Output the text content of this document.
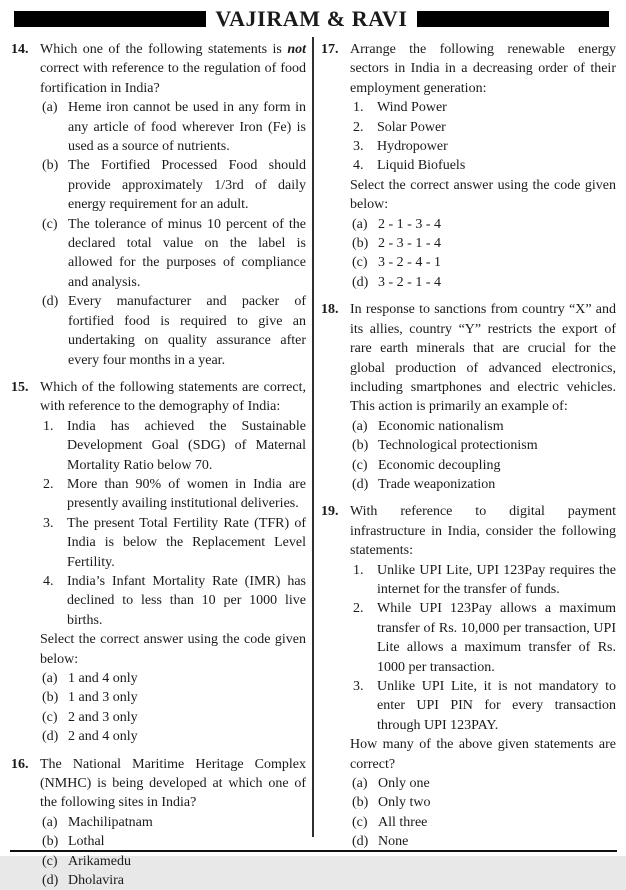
VAJIRAM & RAVI
14. Which one of the following statements is not correct with reference to the regulation of food fortification in India?

(a) Heme iron cannot be used in any form in any article of food wherever Iron (Fe) is used as a source of nutrients.
(b) The Fortified Processed Food should provide approximately 1/3rd of daily energy requirement for an adult.
(c) The tolerance of minus 10 percent of the declared total value on the label is allowed for the purposes of compliance and analysis.
(d) Every manufacturer and packer of fortified food is required to give an undertaking on quality assurance after every four months in a year.
15. Which of the following statements are correct, with reference to the demography of India:

1. India has achieved the Sustainable Development Goal (SDG) of Maternal Mortality Ratio below 70.
2. More than 90% of women in India are presently availing institutional deliveries.
3. The present Total Fertility Rate (TFR) of India is below the Replacement Level Fertility.
4. India’s Infant Mortality Rate (IMR) has declined to less than 10 per 1000 live births.

Select the correct answer using the code given below:

(a) 1 and 4 only
(b) 1 and 3 only
(c) 2 and 3 only
(d) 2 and 4 only
16. The National Maritime Heritage Complex (NMHC) is being developed at which one of the following sites in India?

(a) Machilipatnam
(b) Lothal
(c) Arikamedu
(d) Dholavira
17. Arrange the following renewable energy sectors in India in a decreasing order of their employment generation:

1. Wind Power
2. Solar Power
3. Hydropower
4. Liquid Biofuels

Select the correct answer using the code given below:

(a) 2 - 1 - 3 - 4
(b) 2 - 3 - 1 - 4
(c) 3 - 2 - 4 - 1
(d) 3 - 2 - 1 - 4
18. In response to sanctions from country “X” and its allies, country “Y” restricts the export of rare earth minerals that are crucial for the global production of advanced electronics, including smartphones and electric vehicles. This action is primarily an example of:

(a) Economic nationalism
(b) Technological protectionism
(c) Economic decoupling
(d) Trade weaponization
19. With reference to digital payment infrastructure in India, consider the following statements:

1. Unlike UPI Lite, UPI 123Pay requires the internet for the transfer of funds.
2. While UPI 123Pay allows a maximum transfer of Rs. 10,000 per transaction, UPI Lite allows a maximum transfer of Rs. 1000 per transaction.
3. Unlike UPI Lite, it is not mandatory to enter UPI PIN for every transaction through UPI 123PAY.

How many of the above given statements are correct?

(a) Only one
(b) Only two
(c) All three
(d) None
